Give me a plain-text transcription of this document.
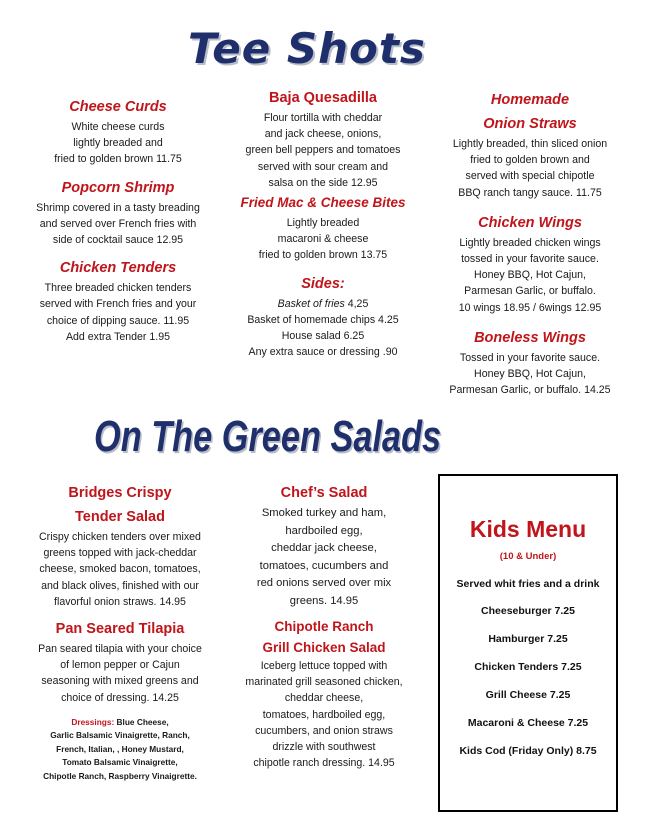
Tee Shots
On The Green Salads
Cheese Curds
White cheese curds
lightly breaded and
fried to golden brown 11.75
Popcorn Shrimp
Shrimp covered in a tasty breading
and served over French fries with
side of cocktail sauce 12.95
Chicken Tenders
Three breaded chicken tenders
served with French fries and your
choice of dipping sauce. 11.95
Add extra Tender 1.95
Baja Quesadilla
Flour tortilla with cheddar
and jack cheese, onions,
green bell peppers and tomatoes
served with sour cream and
salsa on the side 12.95
Fried Mac & Cheese Bites
Lightly breaded
macaroni & cheese
fried to golden brown 13.75
Sides:
Basket of fries 4,25
Basket of homemade chips 4.25
House salad 6.25
Any extra sauce or dressing .90
Homemade
Onion Straws
Lightly breaded, thin sliced onion
fried to golden brown and
served with special chipotle
BBQ ranch tangy sauce. 11.75
Chicken Wings
Lightly breaded chicken wings
tossed in your favorite sauce.
Honey BBQ, Hot Cajun,
Parmesan Garlic, or buffalo.
10 wings 18.95 / 6wings 12.95
Boneless Wings
Tossed in your favorite sauce.
Honey BBQ, Hot Cajun,
Parmesan Garlic, or buffalo. 14.25
Bridges Crispy
Tender Salad
Crispy chicken tenders over mixed
greens topped with jack-cheddar
cheese, smoked bacon, tomatoes,
and black olives, finished with our
flavorful onion straws. 14.95
Pan Seared Tilapia
Pan seared tilapia with your choice
of lemon pepper or Cajun
seasoning with mixed greens and
choice of dressing. 14.25
Dressings: Blue Cheese,
Garlic Balsamic Vinaigrette, Ranch,
French, Italian, , Honey Mustard,
Tomato Balsamic Vinaigrette,
Chipotle Ranch, Raspberry Vinaigrette.
Chef’s Salad
Smoked turkey and ham,
hardboiled egg,
cheddar jack cheese,
tomatoes, cucumbers and
red onions served over mix
greens. 14.95
Chipotle Ranch
Grill Chicken Salad
Iceberg lettuce topped with
marinated grill seasoned chicken,
cheddar cheese,
tomatoes, hardboiled egg,
cucumbers, and onion straws
drizzle with southwest
chipotle ranch dressing. 14.95
Kids Menu
(10 & Under)
Served whit fries and a drink
Cheeseburger 7.25
Hamburger 7.25
Chicken Tenders 7.25
Grill Cheese 7.25
Macaroni & Cheese 7.25
Kids Cod (Friday Only) 8.75
